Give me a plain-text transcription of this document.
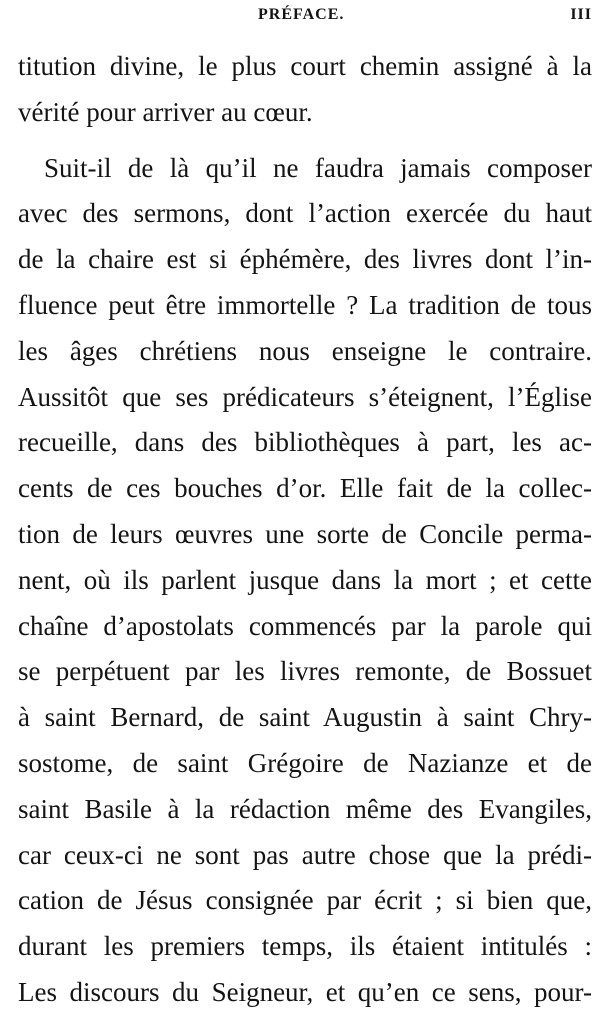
PRÉFACE.	III
titution divine, le plus court chemin assigné à la
vérité pour arriver au cœur.
Suit-il de là qu’il ne faudra jamais composer
avec des sermons, dont l’action exercée du haut
de la chaire est si éphémère, des livres dont l’in-
fluence peut être immortelle ? La tradition de tous
les âges chrétiens nous enseigne le contraire.
Aussitôt que ses prédicateurs s’éteignent, l’Église
recueille, dans des bibliothèques à part, les ac-
cents de ces bouches d’or. Elle fait de la collec-
tion de leurs œuvres une sorte de Concile perma-
nent, où ils parlent jusque dans la mort ; et cette
chaîne d’apostolats commencés par la parole qui
se perpétuent par les livres remonte, de Bossuet
à saint Bernard, de saint Augustin à saint Chry-
sostome, de saint Grégoire de Nazianze et de
saint Basile à la rédaction même des Evangiles,
car ceux-ci ne sont pas autre chose que la prédi-
cation de Jésus consignée par écrit ; si bien que,
durant les premiers temps, ils étaient intitulés :
Les discours du Seigneur, et qu’en ce sens, pour-
